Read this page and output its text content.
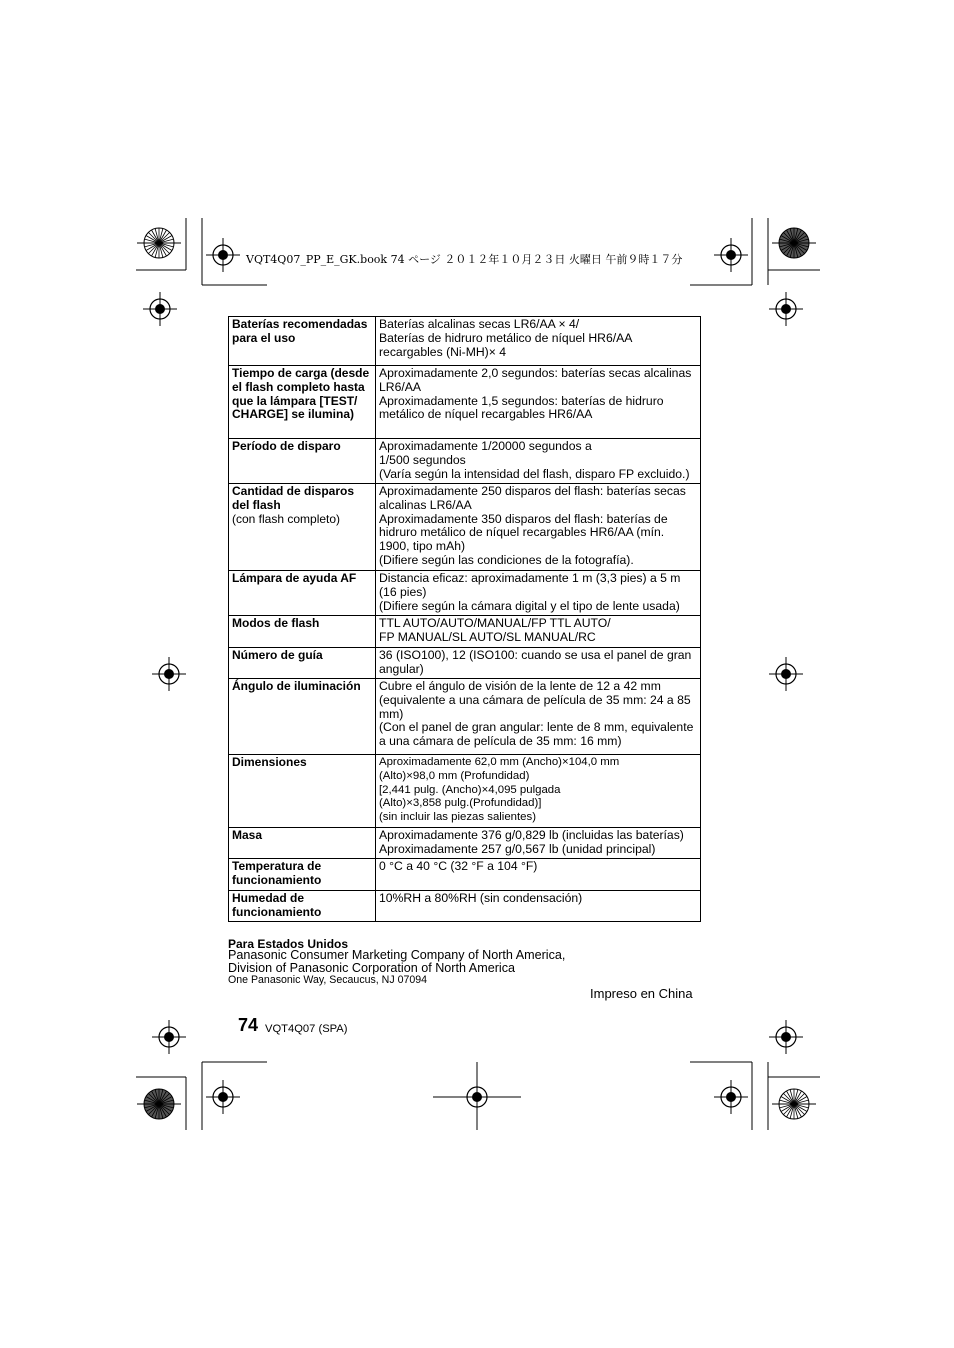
VQT4Q07_PP_E_GK.book 74 ページ ２０１２年１０月２３日 火曜日 午前９時１７分
Baterías recomendadas para el uso	Baterías alcalinas secas LR6/AA × 4/
Baterías de hidruro metálico de níquel HR6/AA
recargables (Ni-MH)× 4

Tiempo de carga (desde el flash completo hasta que la lámpara [TEST/ CHARGE] se ilumina)	Aproximadamente 2,0 segundos: baterías secas alcalinas LR6/AA
Aproximadamente 1,5 segundos: baterías de hidruro metálico de níquel recargables HR6/AA

Período de disparo	Aproximadamente 1/20000 segundos a
1/500 segundos
(Varía según la intensidad del flash, disparo FP excluido.)

Cantidad de disparos del flash
(con flash completo)	Aproximadamente 250 disparos del flash: baterías secas alcalinas LR6/AA
Aproximadamente 350 disparos del flash: baterías de hidruro metálico de níquel recargables HR6/AA (mín. 1900, tipo mAh)
(Difiere según las condiciones de la fotografía).

Lámpara de ayuda AF	Distancia eficaz: aproximadamente 1 m (3,3 pies) a 5 m (16 pies)
(Difiere según la cámara digital y el tipo de lente usada)

Modos de flash	TTL AUTO/AUTO/MANUAL/FP TTL AUTO/
FP MANUAL/SL AUTO/SL MANUAL/RC

Número de guía	36 (ISO100), 12 (ISO100: cuando se usa el panel de gran angular)

Ángulo de iluminación	Cubre el ángulo de visión de la lente de 12 a 42 mm (equivalente a una cámara de película de 35 mm: 24 a 85 mm)
(Con el panel de gran angular: lente de 8 mm, equivalente a una cámara de película de 35 mm: 16 mm)

Dimensiones	Aproximadamente 62,0 mm (Ancho)×104,0 mm
(Alto)×98,0 mm (Profundidad)
[2,441 pulg. (Ancho)×4,095 pulgada
(Alto)×3,858 pulg.(Profundidad)]
(sin incluir las piezas salientes)

Masa	Aproximadamente 376 g/0,829 lb (incluidas las baterías)
Aproximadamente 257 g/0,567 lb (unidad principal)

Temperatura de funcionamiento	0 °C a 40 °C (32 °F a 104 °F)

Humedad de funcionamiento	10%RH a 80%RH (sin condensación)
Para Estados Unidos
Panasonic Consumer Marketing Company of North America,
Division of Panasonic Corporation of North America
One Panasonic Way, Secaucus, NJ 07094
Impreso en China
74 VQT4Q07 (SPA)
